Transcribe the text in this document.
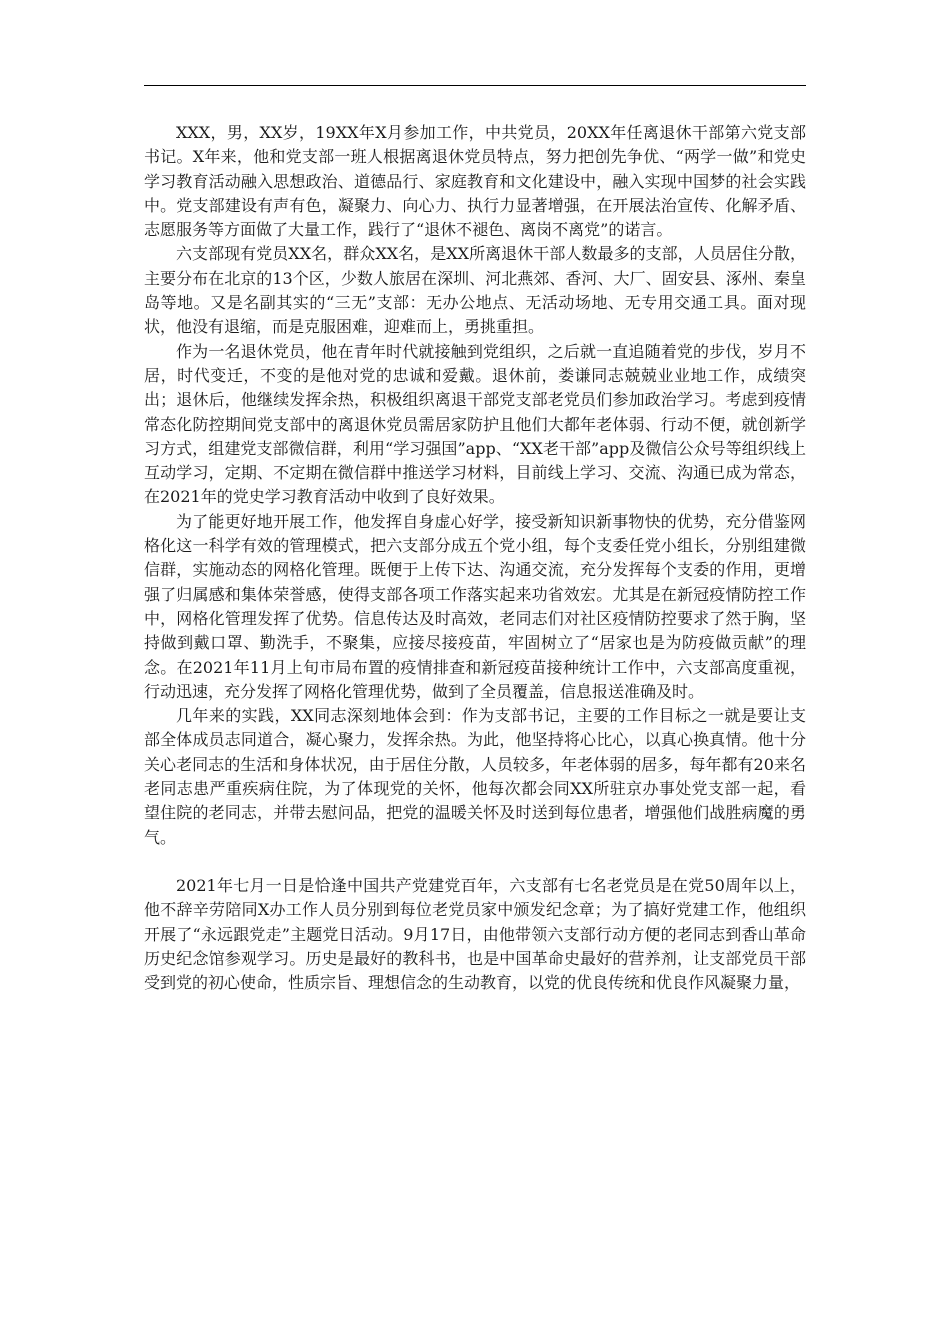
XXX，男，XX岁，19XX年X月参加工作，中共党员，20XX年任离退休干部第六党支部书记。X年来，他和党支部一班人根据离退休党员特点，努力把创先争优、“两学一做”和党史学习教育活动融入思想政治、道德品行、家庭教育和文化建设中，融入实现中国梦的社会实践中。党支部建设有声有色，凝聚力、向心力、执行力显著增强，在开展法治宣传、化解矛盾、志愿服务等方面做了大量工作，践行了“退休不褪色、离岗不离党”的诺言。

六支部现有党员XX名，群众XX名，是XX所离退休干部人数最多的支部，人员居住分散，主要分布在北京的13个区，少数人旅居在深圳、河北燕郊、香河、大厂、固安县、涿州、秦皇岛等地。又是名副其实的“三无”支部：无办公地点、无活动场地、无专用交通工具。面对现状，他没有退缩，而是克服困难，迎难而上，勇挑重担。

作为一名退休党员，他在青年时代就接触到党组织，之后就一直追随着党的步伐，岁月不居，时代变迁，不变的是他对党的忠诚和爱戴。退休前，娄谦同志兢兢业业地工作，成绩突出；退休后，他继续发挥余热，积极组织离退干部党支部老党员们参加政治学习。考虑到疫情常态化防控期间党支部中的离退休党员需居家防护且他们大都年老体弱、行动不便，就创新学习方式，组建党支部微信群，利用“学习强国”app、“XX老干部”app及微信公众号等组织线上互动学习，定期、不定期在微信群中推送学习材料，目前线上学习、交流、沟通已成为常态，在2021年的党史学习教育活动中收到了良好效果。

为了能更好地开展工作，他发挥自身虚心好学，接受新知识新事物快的优势，充分借鉴网格化这一科学有效的管理模式，把六支部分成五个党小组，每个支委任党小组长，分别组建微信群，实施动态的网格化管理。既便于上传下达、沟通交流，充分发挥每个支委的作用，更增强了归属感和集体荣誉感，使得支部各项工作落实起来功省效宏。尤其是在新冠疫情防控工作中，网格化管理发挥了优势。信息传达及时高效，老同志们对社区疫情防控要求了然于胸，坚持做到戴口罩、勤洗手，不聚集，应接尽接疫苗，牢固树立了“居家也是为防疫做贡献”的理念。在2021年11月上旬市局布置的疫情排查和新冠疫苗接种统计工作中，六支部高度重视，行动迅速，充分发挥了网格化管理优势，做到了全员覆盖，信息报送准确及时。

几年来的实践，XX同志深刻地体会到：作为支部书记，主要的工作目标之一就是要让支部全体成员志同道合，凝心聚力，发挥余热。为此，他坚持将心比心，以真心换真情。他十分关心老同志的生活和身体状况，由于居住分散，人员较多，年老体弱的居多，每年都有20来名老同志患严重疾病住院，为了体现党的关怀，他每次都会同XX所驻京办事处党支部一起，看望住院的老同志，并带去慰问品，把党的温暖关怀及时送到每位患者，增强他们战胜病魔的勇气。

2021年七月一日是恰逢中国共产党建党百年，六支部有七名老党员是在党50周年以上，他不辞辛劳陪同X办工作人员分别到每位老党员家中颁发纪念章；为了搞好党建工作，他组织开展了“永远跟党走”主题党日活动。9月17日，由他带领六支部行动方便的老同志到香山革命历史纪念馆参观学习。历史是最好的教科书，也是中国革命史最好的营养剂，让支部党员干部受到党的初心使命，性质宗旨、理想信念的生动教育，以党的优良传统和优良作风凝聚力量，
